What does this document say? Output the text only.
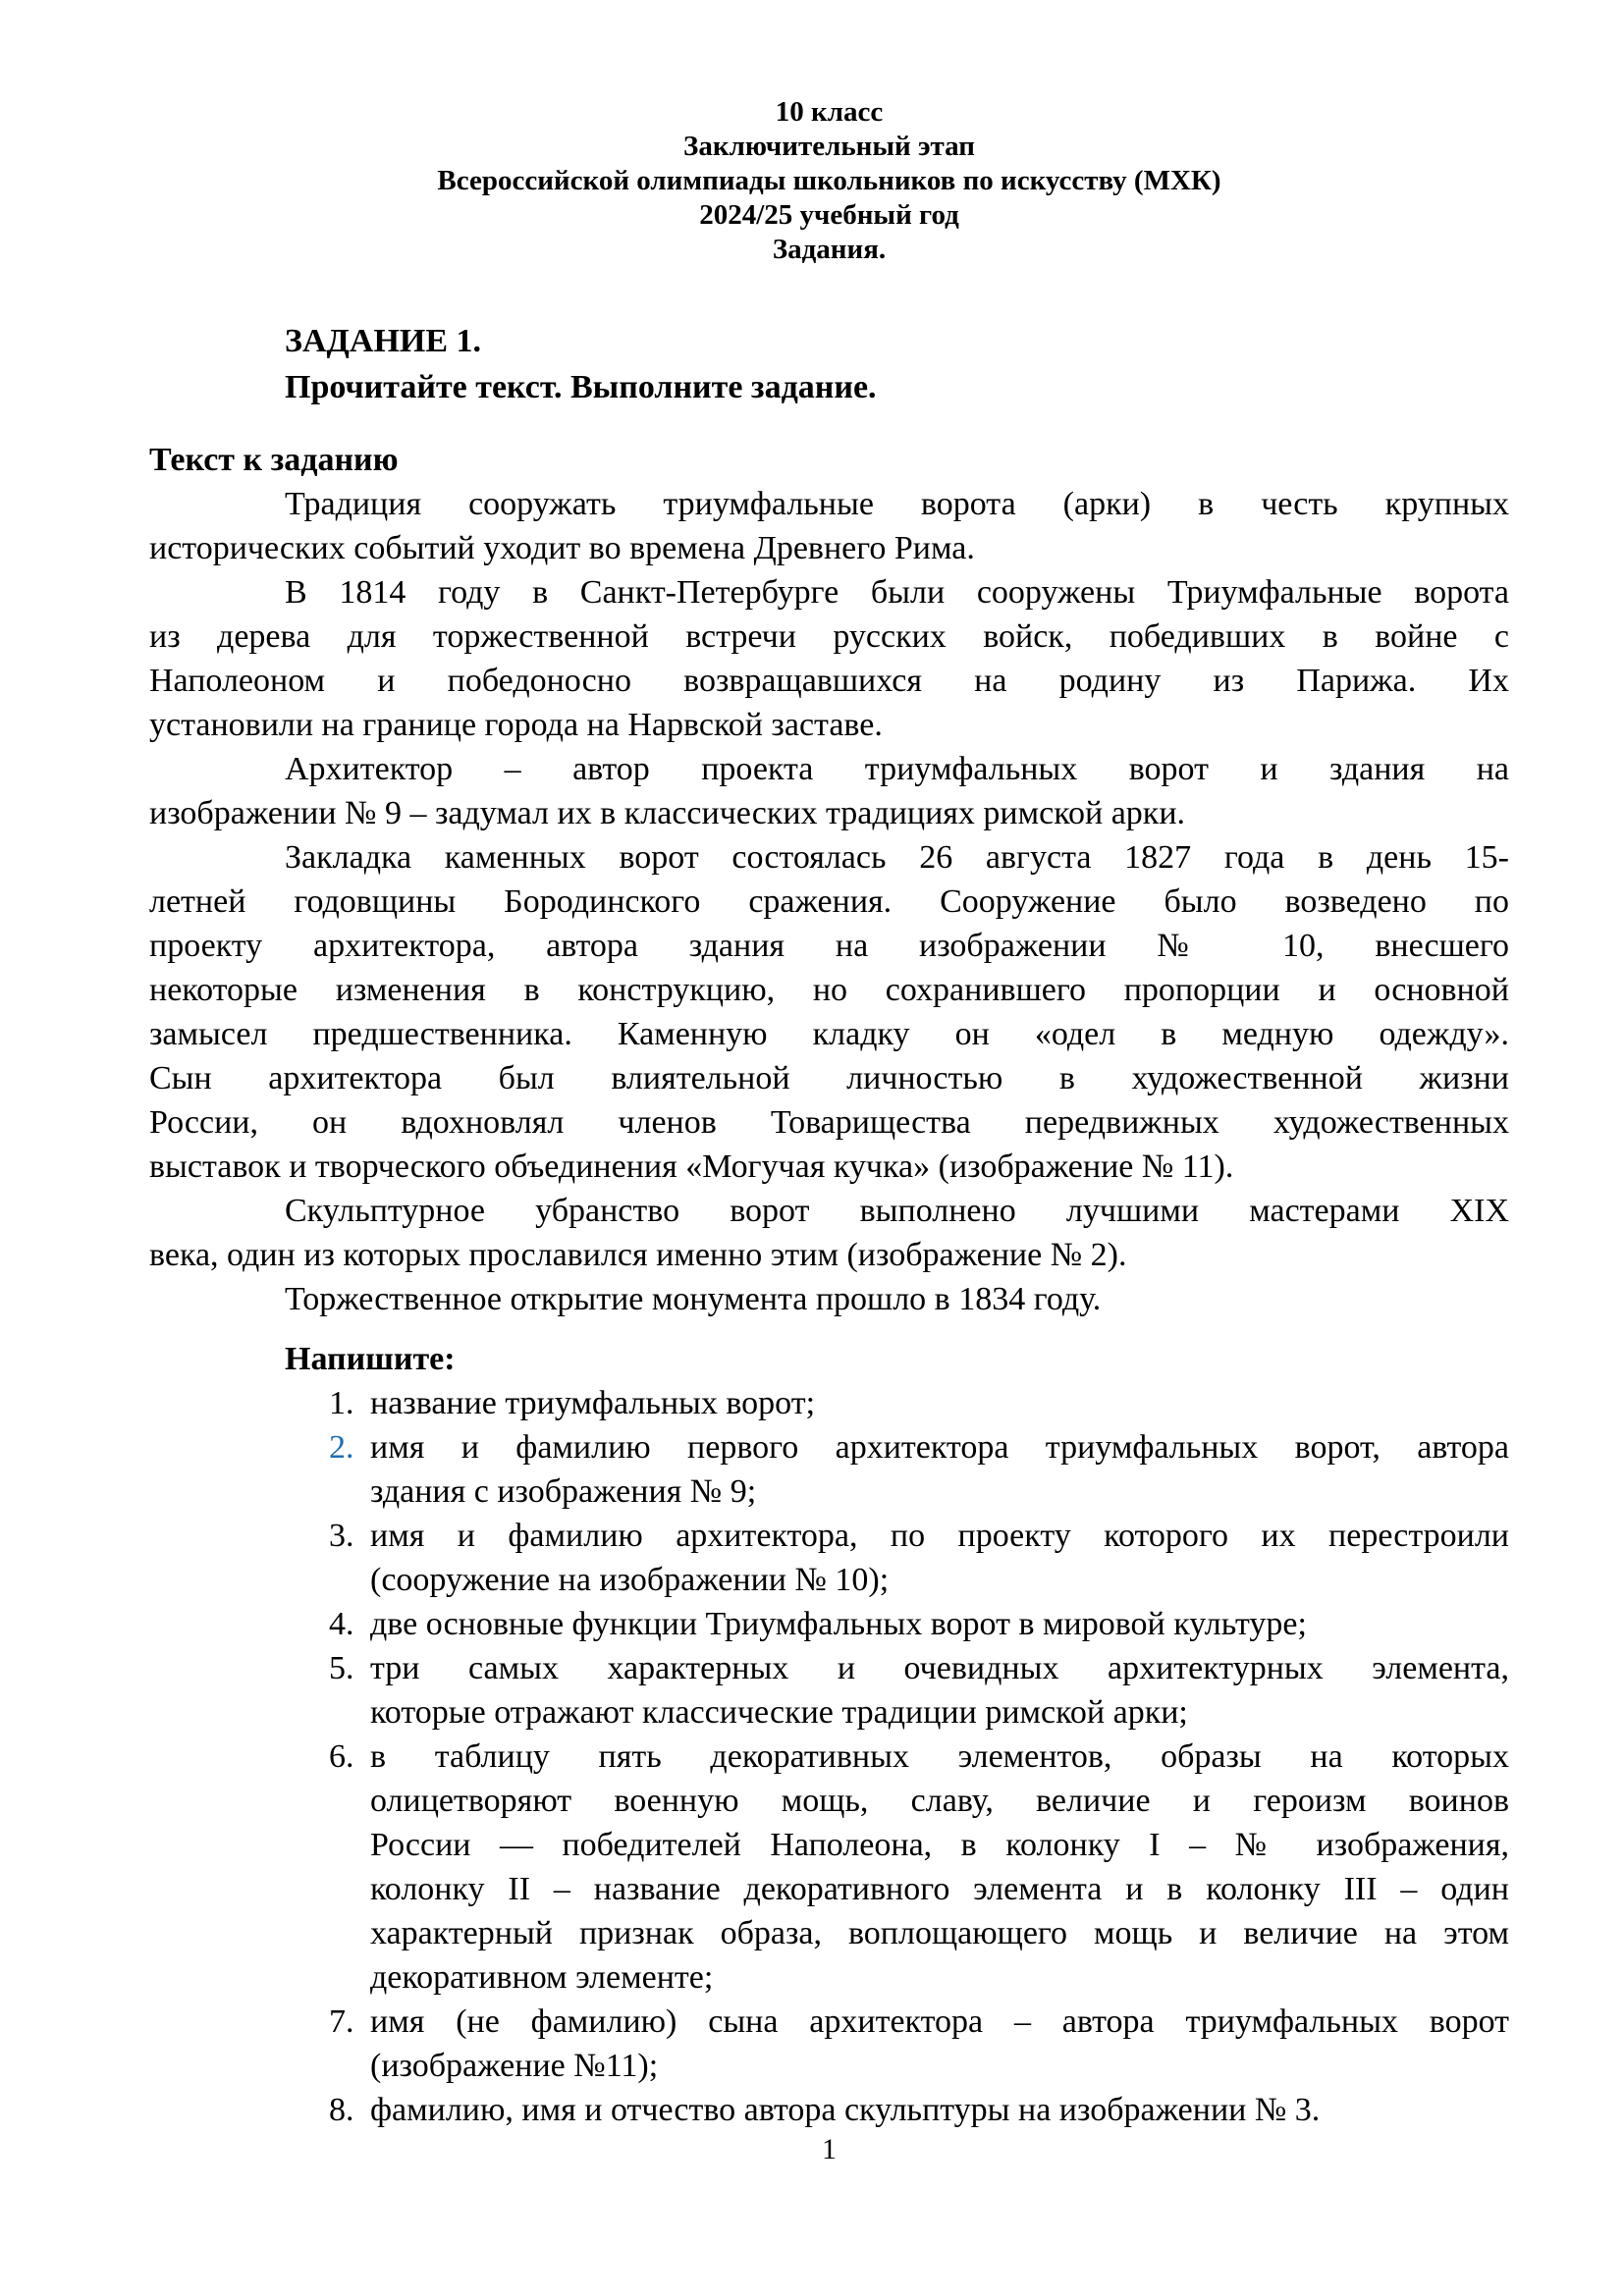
10 класс
Заключительный этап
Всероссийской олимпиады школьников по искусству (МХК)
2024/25 учебный год
Задания.
ЗАДАНИЕ 1.
Прочитайте текст. Выполните задание.
Текст к заданию
Традиция сооружать триумфальные ворота (арки) в честь крупных
исторических событий уходит во времена Древнего Рима.
В 1814 году в Санкт-Петербурге были сооружены Триумфальные ворота
из дерева для торжественной встречи русских войск, победивших в войне с
Наполеоном и победоносно возвращавшихся на родину из Парижа. Их
установили на границе города на Нарвской заставе.
Архитектор – автор проекта триумфальных ворот и здания на
изображении № 9 – задумал их в классических традициях римской арки.
Закладка каменных ворот состоялась 26 августа 1827 года в день 15-
летней годовщины Бородинского сражения. Сооружение было возведено по
проекту архитектора, автора здания на изображении № 10, внесшего
некоторые изменения в конструкцию, но сохранившего пропорции и основной
замысел предшественника. Каменную кладку он «одел в медную одежду».
Сын архитектора был влиятельной личностью в художественной жизни
России, он вдохновлял членов Товарищества передвижных художественных
выставок и творческого объединения «Могучая кучка» (изображение № 11).
Скульптурное убранство ворот выполнено лучшими мастерами XIX
века, один из которых прославился именно этим (изображение № 2).
Торжественное открытие монумента прошло в 1834 году.
Напишите:
1. название триумфальных ворот;
2. имя и фамилию первого архитектора триумфальных ворот, автора
здания с изображения № 9;
3. имя и фамилию архитектора, по проекту которого их перестроили
(сооружение на изображении № 10);
4. две основные функции Триумфальных ворот в мировой культуре;
5. три самых характерных и очевидных архитектурных элемента,
которые отражают классические традиции римской арки;
6. в таблицу пять декоративных элементов, образы на которых
олицетворяют военную мощь, славу, величие и героизм воинов
России — победителей Наполеона, в колонку I – № изображения,
колонку II – название декоративного элемента и в колонку III – один
характерный признак образа, воплощающего мощь и величие на этом
декоративном элементе;
7. имя (не фамилию) сына архитектора – автора триумфальных ворот
(изображение №11);
8. фамилию, имя и отчество автора скульптуры на изображении № 3.
1
